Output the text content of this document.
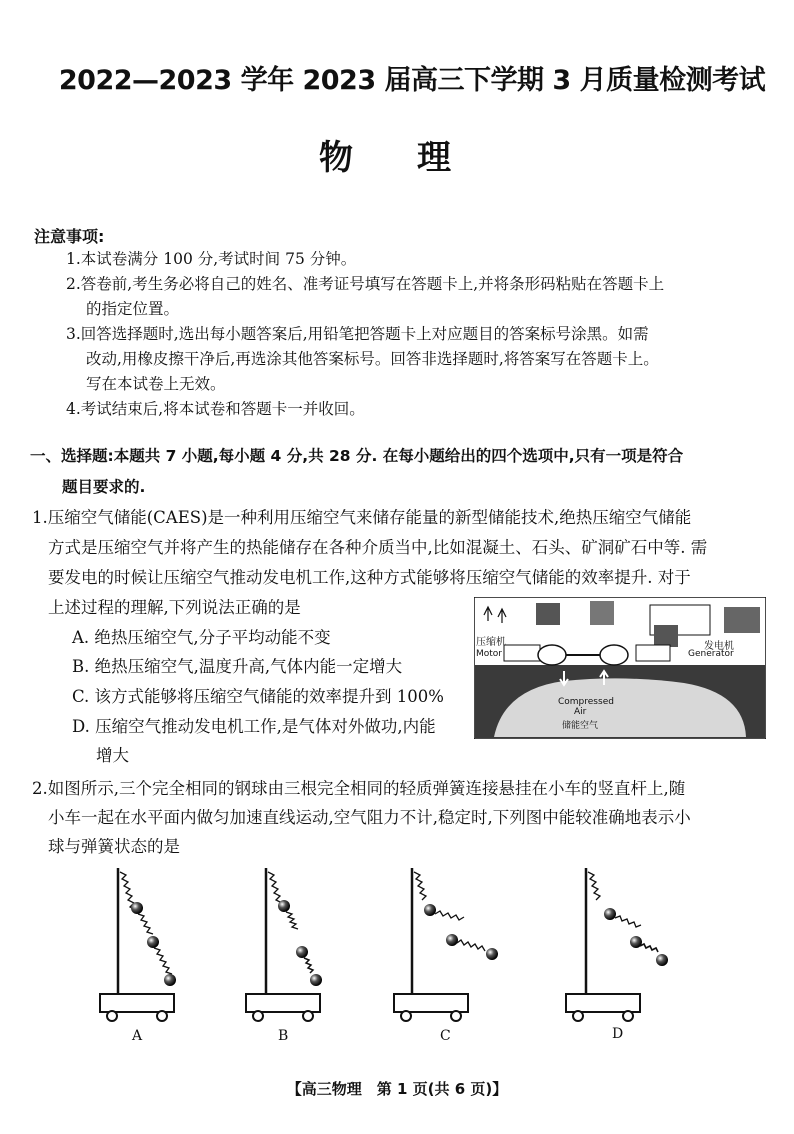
2022—2023 学年 2023 届高三下学期 3 月质量检测考试
物理
注意事项:
1.本试卷满分 100 分,考试时间 75 分钟。
2.答卷前,考生务必将自己的姓名、准考证号填写在答题卡上,并将条形码粘贴在答题卡上
的指定位置。
3.回答选择题时,选出每小题答案后,用铅笔把答题卡上对应题目的答案标号涂黑。如需
改动,用橡皮擦干净后,再选涂其他答案标号。回答非选择题时,将答案写在答题卡上。
写在本试卷上无效。
4.考试结束后,将本试卷和答题卡一并收回。
一、选择题:本题共 7 小题,每小题 4 分,共 28 分. 在每小题给出的四个选项中,只有一项是符合
题目要求的.
1.压缩空气储能(CAES)是一种利用压缩空气来储存能量的新型储能技术,绝热压缩空气储能
方式是压缩空气并将产生的热能储存在各种介质当中,比如混凝土、石头、矿洞矿石中等. 需
要发电的时候让压缩空气推动发电机工作,这种方式能够将压缩空气储能的效率提升. 对于
上述过程的理解,下列说法正确的是
A. 绝热压缩空气,分子平均动能不变
B. 绝热压缩空气,温度升高,气体内能一定增大
C. 该方式能够将压缩空气储能的效率提升到 100%
D. 压缩空气推动发电机工作,是气体对外做功,内能
增大
压缩机
Motor
发电机
Generator
Compressed
Air
储能空气
2.如图所示,三个完全相同的钢球由三根完全相同的轻质弹簧连接悬挂在小车的竖直杆上,随
小车一起在水平面内做匀加速直线运动,空气阻力不计,稳定时,下列图中能较准确地表示小
球与弹簧状态的是
A	B	C	D
【高三物理　第 1 页(共 6 页)】
